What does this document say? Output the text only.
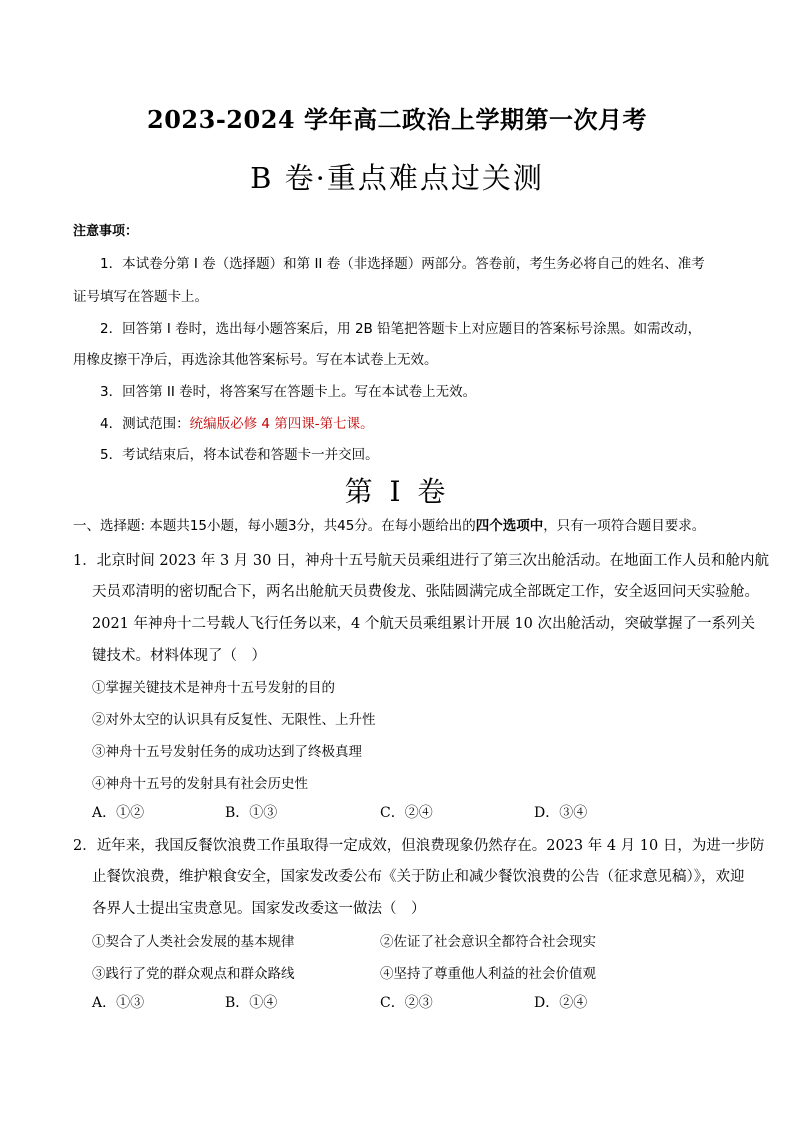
2023-2024 学年高二政治上学期第一次月考
B 卷·重点难点过关测
注意事项：
1．本试卷分第 I 卷（选择题）和第 II 卷（非选择题）两部分。答卷前，考生务必将自己的姓名、准考
证号填写在答题卡上。
2．回答第 I 卷时，选出每小题答案后，用 2B 铅笔把答题卡上对应题目的答案标号涂黑。如需改动，
用橡皮擦干净后，再选涂其他答案标号。写在本试卷上无效。
3．回答第 II 卷时，将答案写在答题卡上。写在本试卷上无效。
4．测试范围：统编版必修 4 第四课-第七课。
5．考试结束后，将本试卷和答题卡一并交回。
第 I 卷
一、选择题: 本题共15小题，每小题3分，共45分。在每小题给出的四个选项中，只有一项符合题目要求。
1．北京时间 2023 年 3 月 30 日，神舟十五号航天员乘组进行了第三次出舱活动。在地面工作人员和舱内航
天员邓清明的密切配合下，两名出舱航天员费俊龙、张陆圆满完成全部既定工作，安全返回问天实验舱。
2021 年神舟十二号载人飞行任务以来，4 个航天员乘组累计开展 10 次出舱活动，突破掌握了一系列关
键技术。材料体现了（　）
①掌握关键技术是神舟十五号发射的目的
②对外太空的认识具有反复性、无限性、上升性
③神舟十五号发射任务的成功达到了终极真理
④神舟十五号的发射具有社会历史性
A．①②	B．①③	C．②④	D．③④
2．近年来，我国反餐饮浪费工作虽取得一定成效，但浪费现象仍然存在。2023 年 4 月 10 日，为进一步防
止餐饮浪费，维护粮食安全，国家发改委公布《关于防止和减少餐饮浪费的公告（征求意见稿）》，欢迎
各界人士提出宝贵意见。国家发改委这一做法（　）
①契合了人类社会发展的基本规律	②佐证了社会意识全都符合社会现实
③践行了党的群众观点和群众路线	④坚持了尊重他人利益的社会价值观
A．①③	B．①④	C．②③	D．②④
